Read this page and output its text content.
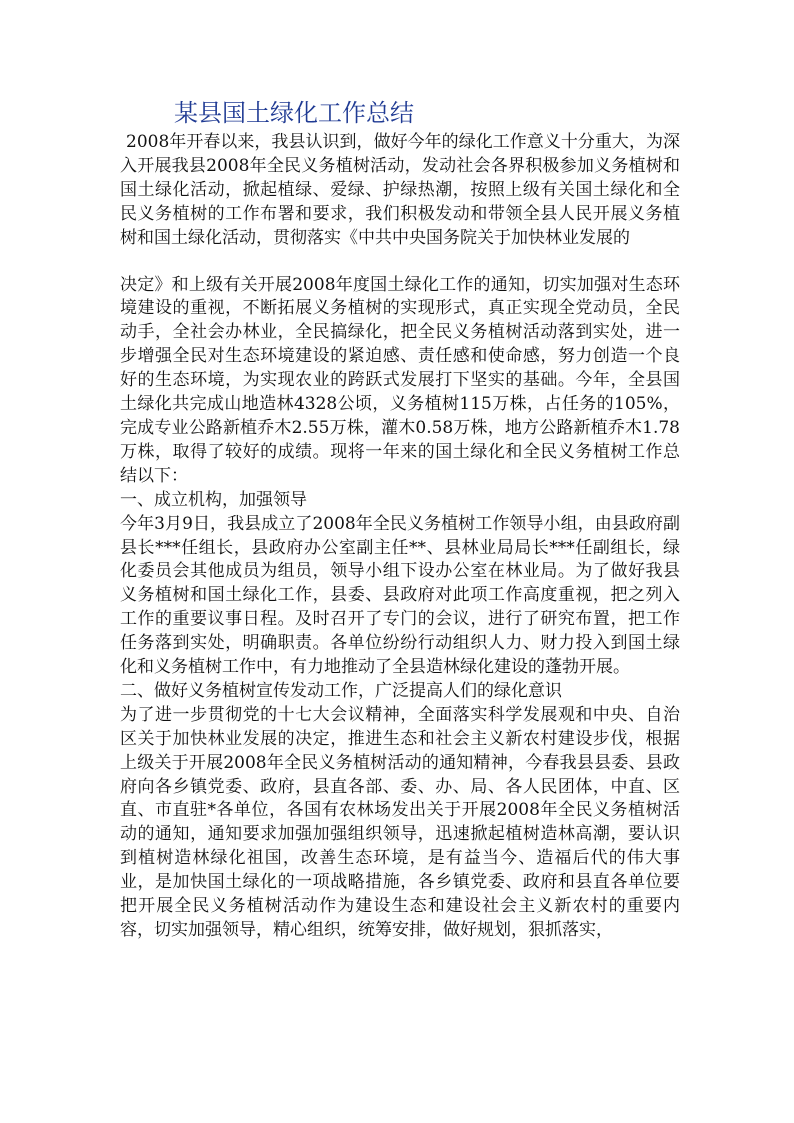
某县国土绿化工作总结

2008年开春以来，我县认识到，做好今年的绿化工作意义十分重大，为深入开展我县2008年全民义务植树活动，发动社会各界积极参加义务植树和国土绿化活动，掀起植绿、爱绿、护绿热潮，按照上级有关国土绿化和全民义务植树的工作布署和要求，我们积极发动和带领全县人民开展义务植树和国土绿化活动，贯彻落实《中共中央国务院关于加快林业发展的

决定》和上级有关开展2008年度国土绿化工作的通知，切实加强对生态环境建设的重视，不断拓展义务植树的实现形式，真正实现全党动员，全民动手，全社会办林业，全民搞绿化，把全民义务植树活动落到实处，进一步增强全民对生态环境建设的紧迫感、责任感和使命感，努力创造一个良好的生态环境，为实现农业的跨跃式发展打下坚实的基础。今年，全县国土绿化共完成山地造林4328公顷，义务植树115万株，占任务的105%，完成专业公路新植乔木2.55万株，灌木0.58万株，地方公路新植乔木1.78万株，取得了较好的成绩。现将一年来的国土绿化和全民义务植树工作总结以下：

一、成立机构，加强领导

今年3月9日，我县成立了2008年全民义务植树工作领导小组，由县政府副县长***任组长，县政府办公室副主任**、县林业局局长***任副组长，绿化委员会其他成员为组员，领导小组下设办公室在林业局。为了做好我县义务植树和国土绿化工作，县委、县政府对此项工作高度重视，把之列入工作的重要议事日程。及时召开了专门的会议，进行了研究布置，把工作任务落到实处，明确职责。各单位纷纷行动组织人力、财力投入到国土绿化和义务植树工作中，有力地推动了全县造林绿化建设的蓬勃开展。

二、做好义务植树宣传发动工作，广泛提高人们的绿化意识

为了进一步贯彻党的十七大会议精神，全面落实科学发展观和中央、自治区关于加快林业发展的决定，推进生态和社会主义新农村建设步伐，根据上级关于开展2008年全民义务植树活动的通知精神，今春我县县委、县政府向各乡镇党委、政府，县直各部、委、办、局、各人民团体，中直、区直、市直驻*各单位，各国有农林场发出关于开展2008年全民义务植树活动的通知，通知要求加强加强组织领导，迅速掀起植树造林高潮，要认识到植树造林绿化祖国，改善生态环境，是有益当今、造福后代的伟大事业，是加快国土绿化的一项战略措施，各乡镇党委、政府和县直各单位要把开展全民义务植树活动作为建设生态和建设社会主义新农村的重要内容，切实加强领导，精心组织，统筹安排，做好规划，狠抓落实，
